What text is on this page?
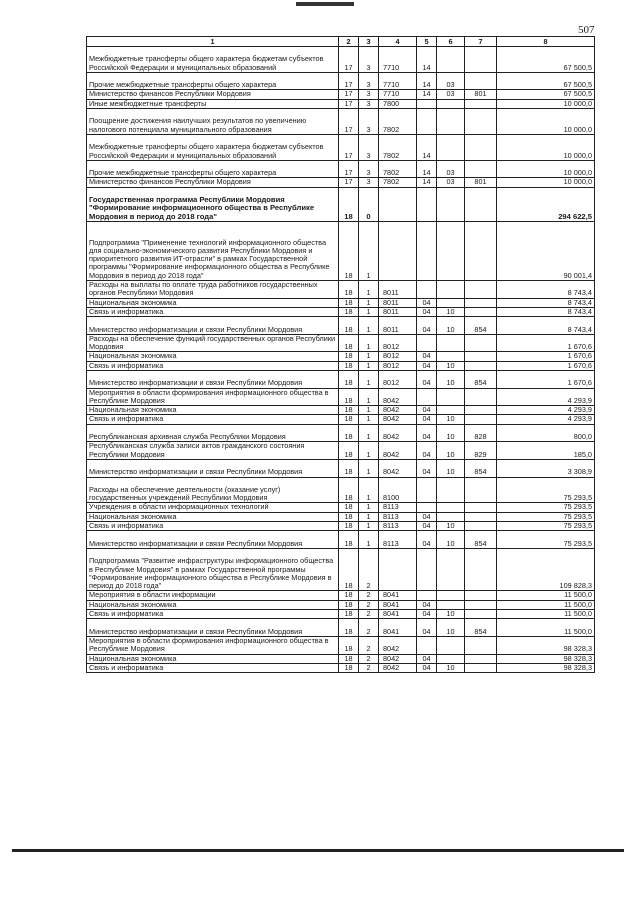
507
1	2	3	4	5	6	7	8
Межбюджетные трансферты общего характера бюджетам субъектов Российской Федерации и муниципальных образований	17	3	7710	14			67 500,5
Прочие межбюджетные трансферты общего характера	17	3	7710	14	03		67 500,5
Министерство финансов Республики Мордовия	17	3	7710	14	03	801	67 500,5
Иные межбюджетные трансферты	17	3	7800				10 000,0
Поощрение достижения наилучших результатов по увеличению налогового потенциала муниципального образования	17	3	7802				10 000,0
Межбюджетные трансферты общего характера бюджетам субъектов Российской Федерации и муниципальных образований	17	3	7802	14			10 000,0
Прочие межбюджетные трансферты общего характера	17	3	7802	14	03		10 000,0
Министерство финансов Республики Мордовия	17	3	7802	14	03	801	10 000,0
Государственная программа Республики Мордовия "Формирование информационного общества в Республике Мордовия в период до 2018 года"	18	0					294 622,5
Подпрограмма "Применение технологий информационного общества для социально-экономического развития Республики Мордовия и приоритетного развития ИТ-отрасли" в рамках Государственной программы "Формирование информационного общества в Республике Мордовия в период до 2018 года"	18	1					90 001,4
Расходы на выплаты по оплате труда работников государственных органов Республики Мордовия	18	1	8011				8 743,4
Национальная экономика	18	1	8011	04			8 743,4
Связь и информатика	18	1	8011	04	10		8 743,4
Министерство информатизации и связи Республики Мордовия	18	1	8011	04	10	854	8 743,4
Расходы на обеспечение функций государственных органов Республики Мордовия	18	1	8012				1 670,6
Национальная экономика	18	1	8012	04			1 670,6
Связь и информатика	18	1	8012	04	10		1 670,6
Министерство информатизации и связи Республики Мордовия	18	1	8012	04	10	854	1 670,6
Мероприятия в области формирования информационного общества в Республике Мордовия	18	1	8042				4 293,9
Национальная экономика	18	1	8042	04			4 293,9
Связь и информатика	18	1	8042	04	10		4 293,9
Республиканская архивная служба Республики Мордовия	18	1	8042	04	10	828	800,0
Республиканская служба записи актов гражданского состояния Республики Мордовия	18	1	8042	04	10	829	185,0
Министерство информатизации и связи Республики Мордовия	18	1	8042	04	10	854	3 308,9
Расходы на обеспечение деятельности (оказание услуг) государственных учреждений Республики Мордовия	18	1	8100				75 293,5
Учреждения в области информационных технологий	18	1	8113				75 293,5
Национальная экономика	18	1	8113	04			75 293,5
Связь и информатика	18	1	8113	04	10		75 293,5
Министерство информатизации и связи Республики Мордовия	18	1	8113	04	10	854	75 293,5
Подпрограмма "Развитие инфраструктуры информационного общества в Республике Мордовия" в рамках Государственной программы "Формирование информационного общества в Республике Мордовия в период до 2018 года"	18	2					109 828,3
Мероприятия в области информации	18	2	8041				11 500,0
Национальная экономика	18	2	8041	04			11 500,0
Связь и информатика	18	2	8041	04	10		11 500,0
Министерство информатизации и связи Республики Мордовия	18	2	8041	04	10	854	11 500,0
Мероприятия в области формирования информационного общества в Республике Мордовия	18	2	8042				98 328,3
Национальная экономика	18	2	8042	04			98 328,3
Связь и информатика	18	2	8042	04	10		98 328,3
